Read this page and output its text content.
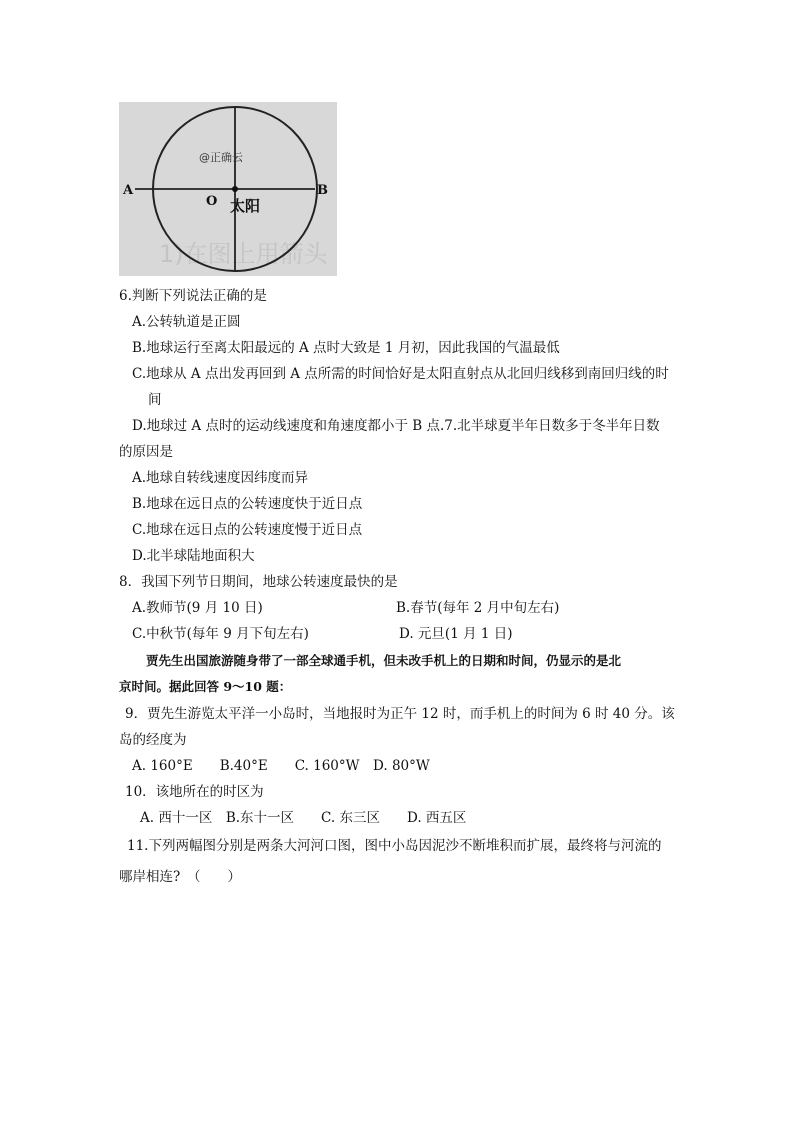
1)在图上用箭头
A	B
O 太阳
@正确云
6.判断下列说法正确的是
A.公转轨道是正圆
B.地球运行至离太阳最远的 A 点时大致是 1 月初，因此我国的气温最低
C.地球从 A 点出发再回到 A 点所需的时间恰好是太阳直射点从北回归线移到南回归线的时
间
D.地球过 A 点时的运动线速度和角速度都小于 B 点.7.北半球夏半年日数多于冬半年日数
的原因是
A.地球自转线速度因纬度而异
B.地球在远日点的公转速度快于近日点
C.地球在远日点的公转速度慢于近日点
D.北半球陆地面积大
8．我国下列节日期间，地球公转速度最快的是
A.教师节(9 月 10 日)	B.春节(每年 2 月中旬左右)
C.中秋节(每年 9 月下旬左右)	D. 元旦(1 月 1 日)
贾先生出国旅游随身带了一部全球通手机，但未改手机上的日期和时间，仍显示的是北
京时间。据此回答 9～10 题：
9．贾先生游览太平洋一小岛时，当地报时为正午 12 时，而手机上的时间为 6 时 40 分。该
岛的经度为
A. 160°E　　B.40°E　　C. 160°W　D. 80°W
10．该地所在的时区为
A. 西十一区　B.东十一区　　C. 东三区　　D. 西五区
11.下列两幅图分别是两条大河河口图，图中小岛因泥沙不断堆积而扩展，最终将与河流的
哪岸相连?　（　　）
